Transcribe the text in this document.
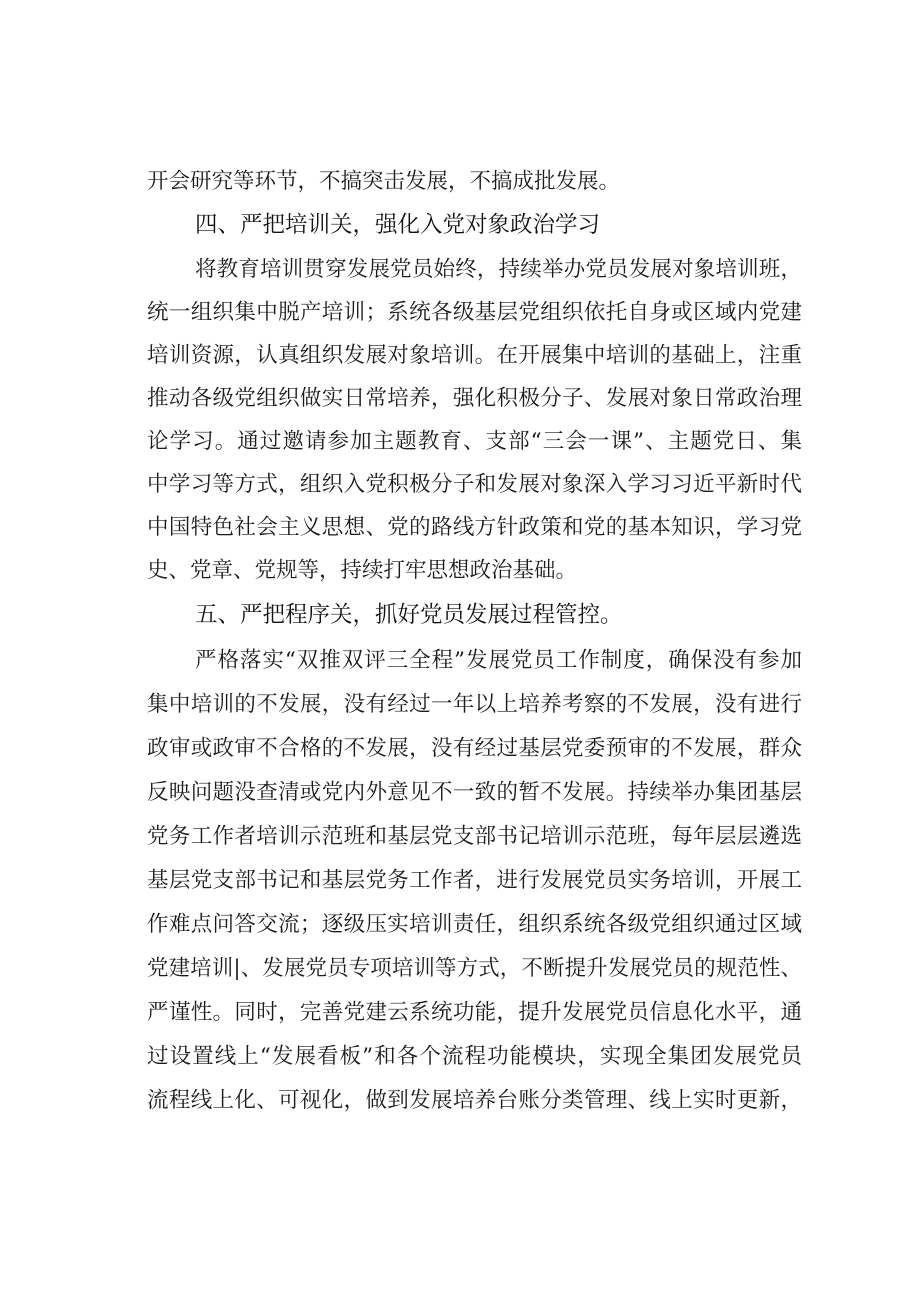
开会研究等环节，不搞突击发展，不搞成批发展。
四、严把培训关，强化入党对象政治学习
将教育培训贯穿发展党员始终，持续举办党员发展对象培训班，
统一组织集中脱产培训；系统各级基层党组织依托自身或区域内党建
培训资源，认真组织发展对象培训。在开展集中培训的基础上，注重
推动各级党组织做实日常培养，强化积极分子、发展对象日常政治理
论学习。通过邀请参加主题教育、支部“三会一课”、主题党日、集
中学习等方式，组织入党积极分子和发展对象深入学习习近平新时代
中国特色社会主义思想、党的路线方针政策和党的基本知识，学习党
史、党章、党规等，持续打牢思想政治基础。
五、严把程序关，抓好党员发展过程管控。
严格落实“双推双评三全程”发展党员工作制度，确保没有参加
集中培训的不发展，没有经过一年以上培养考察的不发展，没有进行
政审或政审不合格的不发展，没有经过基层党委预审的不发展，群众
反映问题没查清或党内外意见不一致的暂不发展。持续举办集团基层
党务工作者培训示范班和基层党支部书记培训示范班，每年层层遴选
基层党支部书记和基层党务工作者，进行发展党员实务培训，开展工
作难点问答交流；逐级压实培训责任，组织系统各级党组织通过区域
党建培训|、发展党员专项培训等方式，不断提升发展党员的规范性、
严谨性。同时，完善党建云系统功能，提升发展党员信息化水平，通
过设置线上“发展看板”和各个流程功能模块，实现全集团发展党员
流程线上化、可视化，做到发展培养台账分类管理、线上实时更新，
